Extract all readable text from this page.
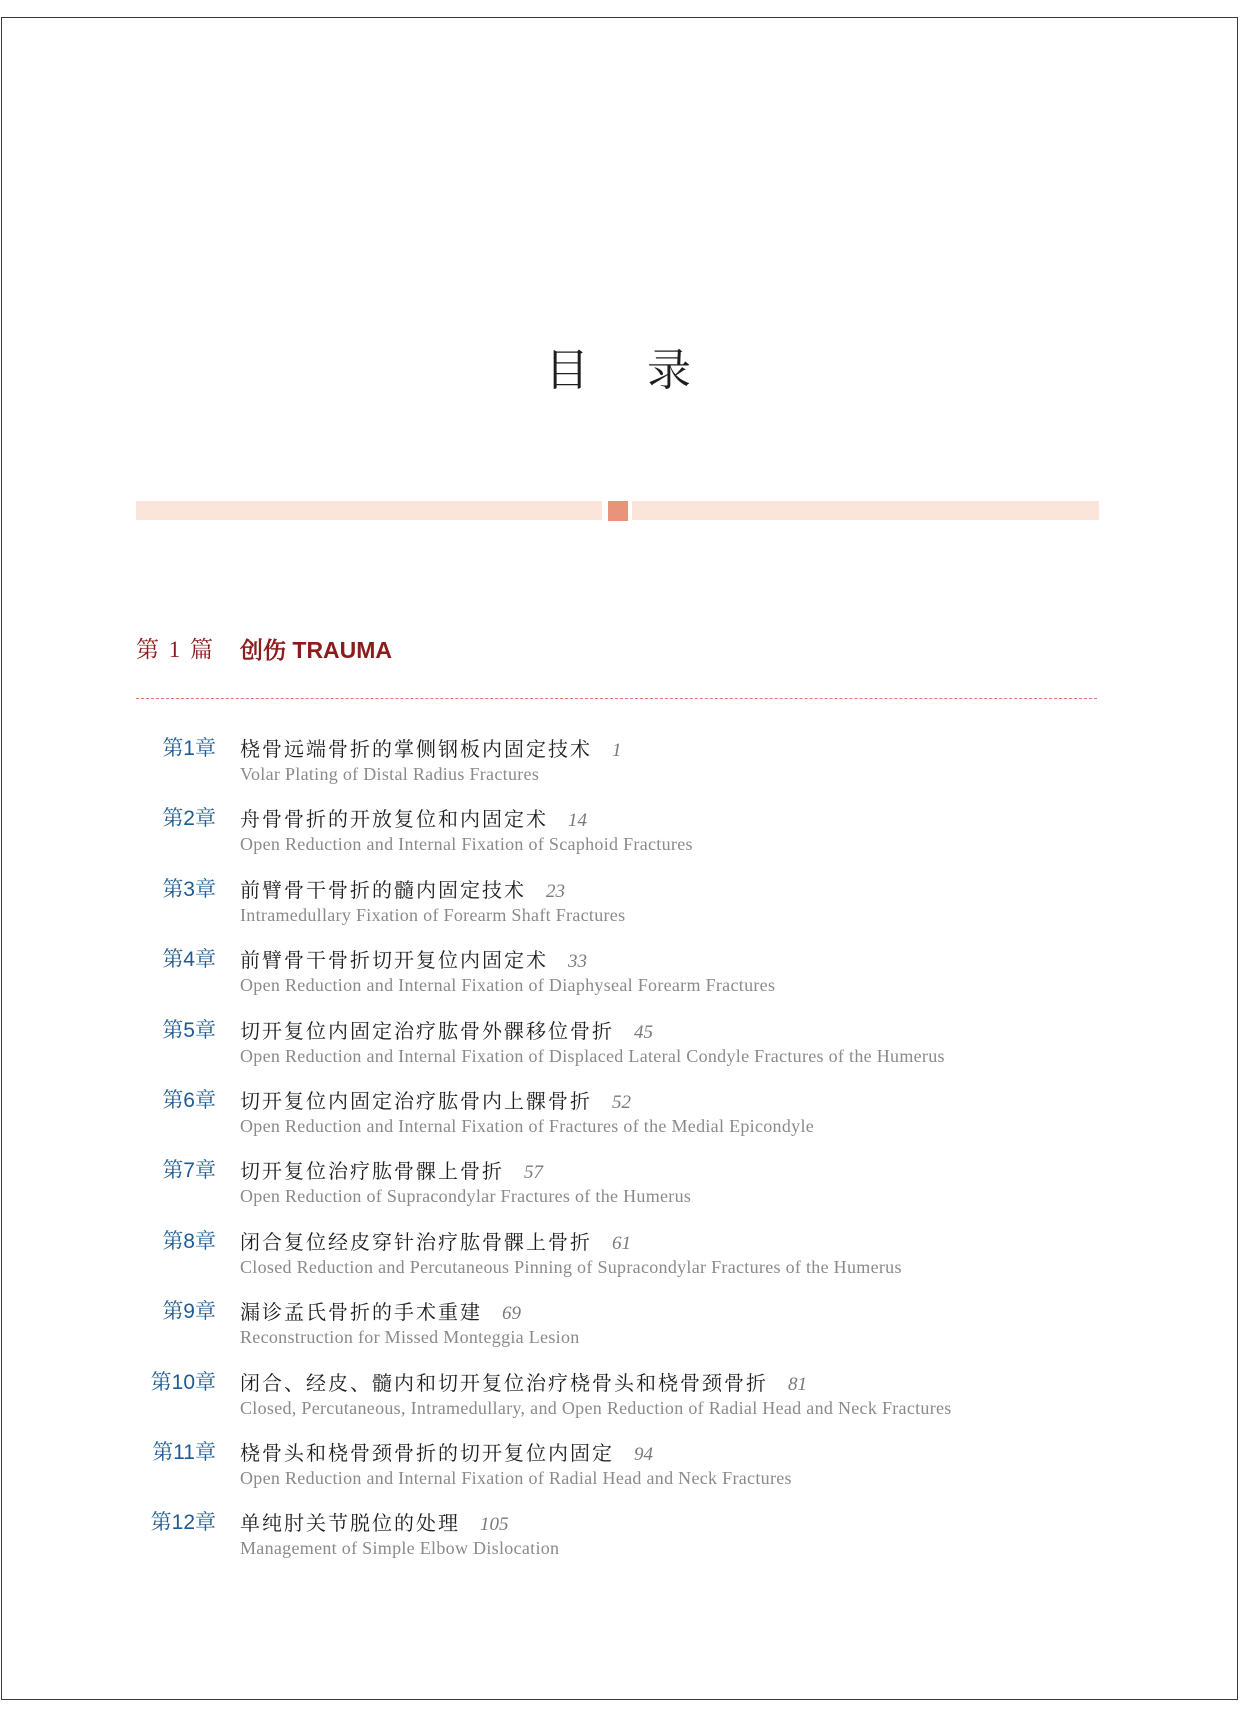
目 录
第 1 篇 创伤 TRAUMA
第1章 桡骨远端骨折的掌侧钢板内固定技术 1
Volar Plating of Distal Radius Fractures
第2章 舟骨骨折的开放复位和内固定术 14
Open Reduction and Internal Fixation of Scaphoid Fractures
第3章 前臂骨干骨折的髓内固定技术 23
Intramedullary Fixation of Forearm Shaft Fractures
第4章 前臂骨干骨折切开复位内固定术 33
Open Reduction and Internal Fixation of Diaphyseal Forearm Fractures
第5章 切开复位内固定治疗肱骨外髁移位骨折 45
Open Reduction and Internal Fixation of Displaced Lateral Condyle Fractures of the Humerus
第6章 切开复位内固定治疗肱骨内上髁骨折 52
Open Reduction and Internal Fixation of Fractures of the Medial Epicondyle
第7章 切开复位治疗肱骨髁上骨折 57
Open Reduction of Supracondylar Fractures of the Humerus
第8章 闭合复位经皮穿针治疗肱骨髁上骨折 61
Closed Reduction and Percutaneous Pinning of Supracondylar Fractures of the Humerus
第9章 漏诊孟氏骨折的手术重建 69
Reconstruction for Missed Monteggia Lesion
第10章 闭合、经皮、髓内和切开复位治疗桡骨头和桡骨颈骨折 81
Closed, Percutaneous, Intramedullary, and Open Reduction of Radial Head and Neck Fractures
第11章 桡骨头和桡骨颈骨折的切开复位内固定 94
Open Reduction and Internal Fixation of Radial Head and Neck Fractures
第12章 单纯肘关节脱位的处理 105
Management of Simple Elbow Dislocation
